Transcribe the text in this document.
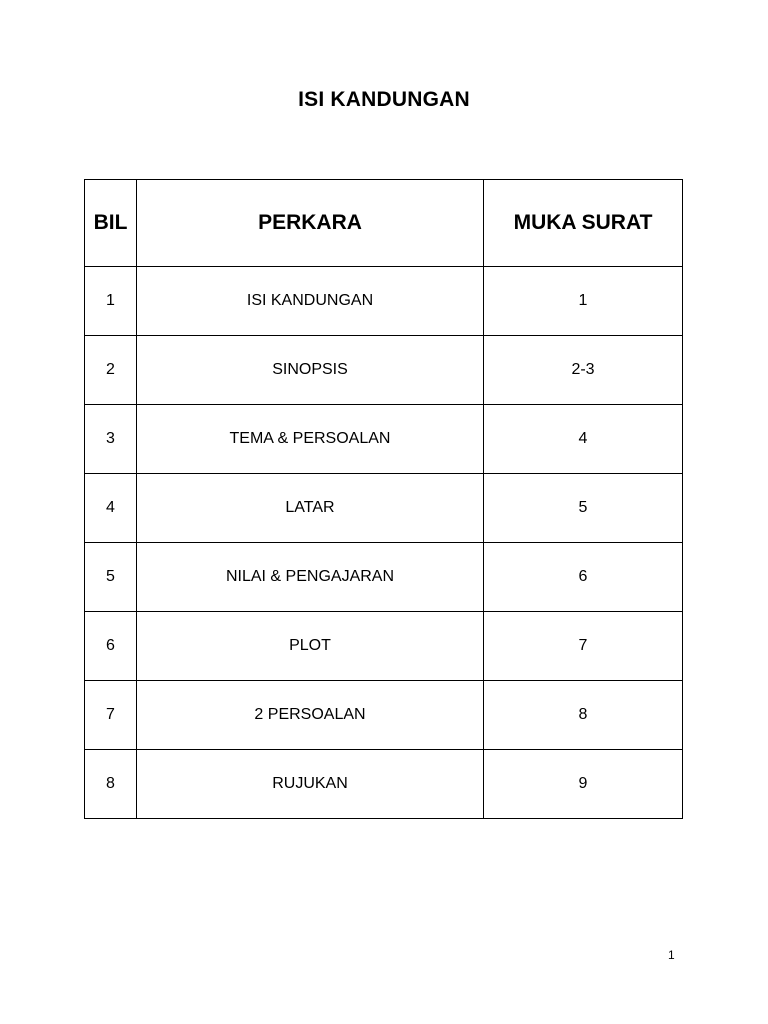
ISI KANDUNGAN
BIL	PERKARA	MUKA SURAT
1	ISI KANDUNGAN	1
2	SINOPSIS	2-3
3	TEMA & PERSOALAN	4
4	LATAR	5
5	NILAI & PENGAJARAN	6
6	PLOT	7
7	2 PERSOALAN	8
8	RUJUKAN	9
1
